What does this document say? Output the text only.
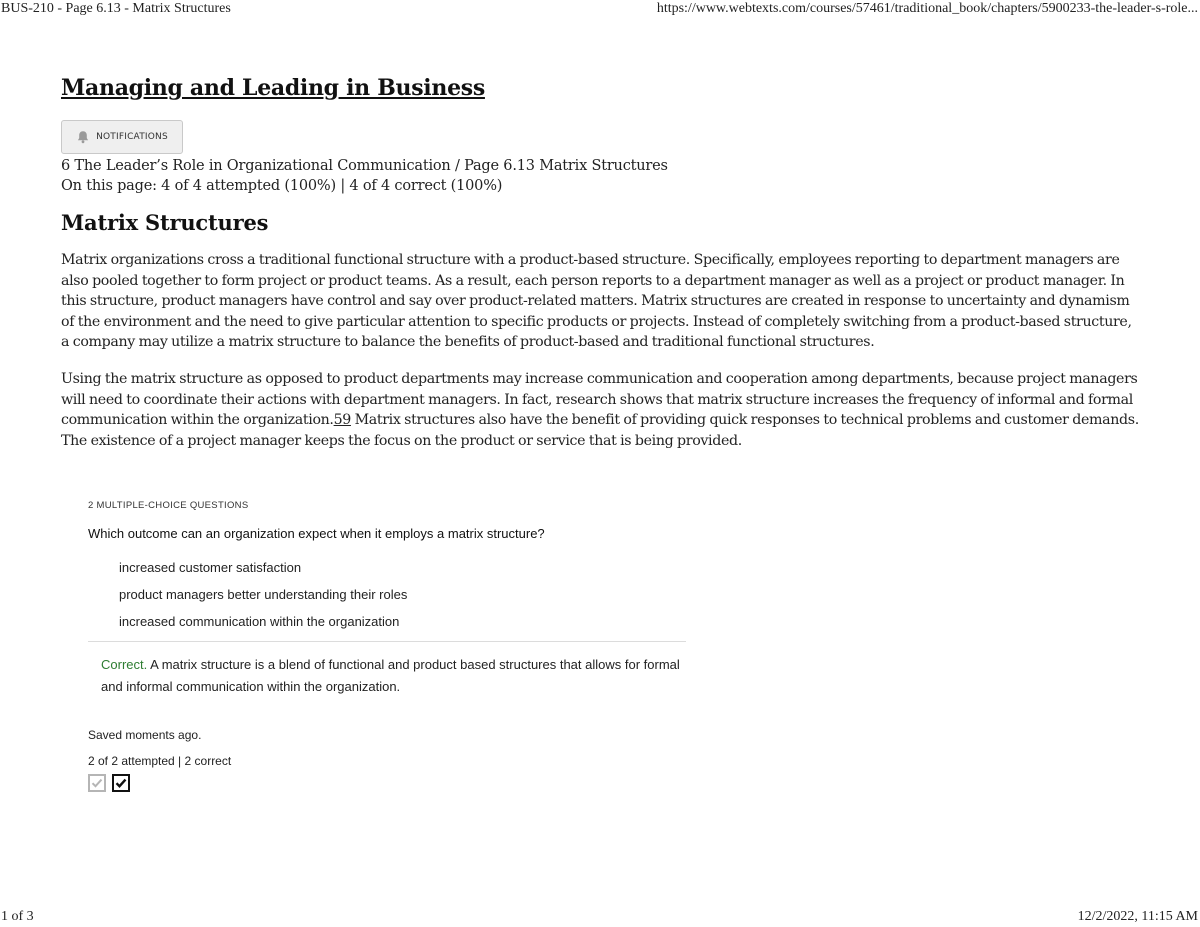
BUS-210 - Page 6.13 - Matrix Structures	https://www.webtexts.com/courses/57461/traditional_book/chapters/5900233-the-leader-s-role...
Managing and Leading in Business
NOTIFICATIONS
6 The Leader’s Role in Organizational Communication / Page 6.13 Matrix Structures
On this page: 4 of 4 attempted (100%) | 4 of 4 correct (100%)
Matrix Structures

Matrix organizations cross a traditional functional structure with a product-based structure. Specifically, employees reporting to department managers are also pooled together to form project or product teams. As a result, each person reports to a department manager as well as a project or product manager. In this structure, product managers have control and say over product-related matters. Matrix structures are created in response to uncertainty and dynamism of the environment and the need to give particular attention to specific products or projects. Instead of completely switching from a product-based structure, a company may utilize a matrix structure to balance the benefits of product-based and traditional functional structures.

Using the matrix structure as opposed to product departments may increase communication and cooperation among departments, because project managers will need to coordinate their actions with department managers. In fact, research shows that matrix structure increases the frequency of informal and formal communication within the organization.59 Matrix structures also have the benefit of providing quick responses to technical problems and customer demands. The existence of a project manager keeps the focus on the product or service that is being provided.

2 MULTIPLE-CHOICE QUESTIONS
Which outcome can an organization expect when it employs a matrix structure?
increased customer satisfaction
product managers better understanding their roles
increased communication within the organization
Correct. A matrix structure is a blend of functional and product based structures that allows for formal and informal communication within the organization.
Saved moments ago.
2 of 2 attempted | 2 correct
1 of 3	12/2/2022, 11:15 AM
